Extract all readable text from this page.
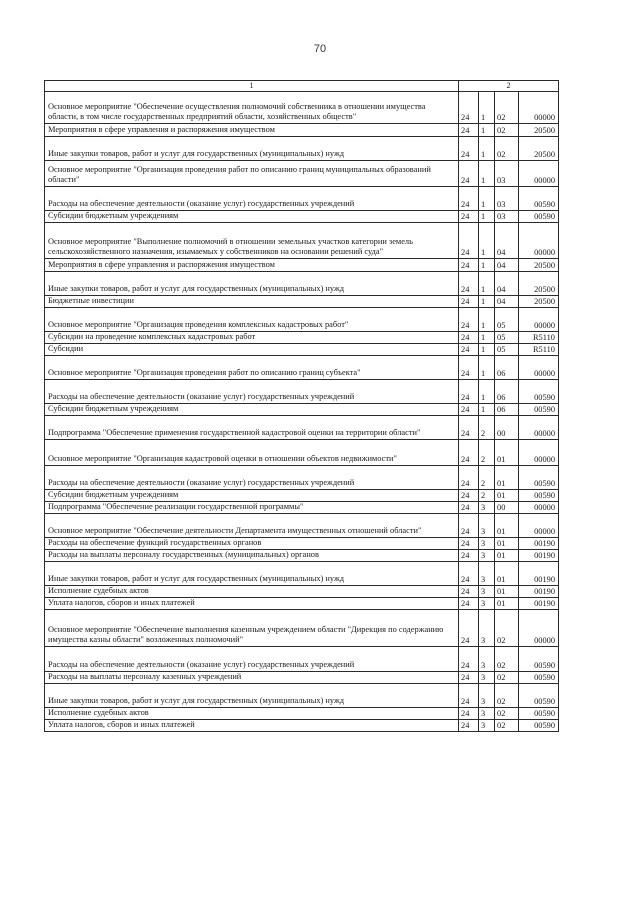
70
1	2			
Основное мероприятие "Обеспечение осуществления полномочий собственника в отношении имущества области, в том числе государственных предприятий области, хозяйственных обществ"	24	1	02	00000
Мероприятия в сфере управления и распоряжения имуществом	24	1	02	20500
Иные закупки товаров, работ и услуг для государственных (муниципальных) нужд	24	1	02	20500
Основное мероприятие "Организация проведения работ по описанию границ муниципальных образований области"	24	1	03	00000
Расходы на обеспечение деятельности (оказание услуг) государственных учреждений	24	1	03	00590
Субсидии бюджетным учреждениям	24	1	03	00590
Основное мероприятие "Выполнение полномочий в отношении земельных участков категории земель сельскохозяйственного назначения, изымаемых у собственников на основании решений суда"	24	1	04	00000
Мероприятия в сфере управления и распоряжения имуществом	24	1	04	20500
Иные закупки товаров, работ и услуг для государственных (муниципальных) нужд	24	1	04	20500
Бюджетные инвестиции	24	1	04	20500
Основное мероприятие "Организация проведения комплексных кадастровых работ"	24	1	05	00000
Субсидии на проведение комплексных кадастровых работ	24	1	05	R5110
Субсидии	24	1	05	R5110
Основное мероприятие "Организация проведения работ по описанию границ субъекта"	24	1	06	00000
Расходы на обеспечение деятельности (оказание услуг) государственных учреждений	24	1	06	00590
Субсидии бюджетным учреждениям	24	1	06	00590
Подпрограмма "Обеспечение применения государственной кадастровой оценки на территории области"	24	2	00	00000
Основное мероприятие "Организация кадастровой оценки в отношении объектов недвижимости"	24	2	01	00000
Расходы на обеспечение деятельности (оказание услуг) государственных учреждений	24	2	01	00590
Субсидии бюджетным учреждениям	24	2	01	00590
Подпрограмма "Обеспечение реализации государственной программы"	24	3	00	00000
Основное мероприятие "Обеспечение деятельности Департамента имущественных отношений области"	24	3	01	00000
Расходы на обеспечение функций государственных органов	24	3	01	00190
Расходы на выплаты персоналу государственных (муниципальных) органов	24	3	01	00190
Иные закупки товаров, работ и услуг для государственных (муниципальных) нужд	24	3	01	00190
Исполнение судебных актов	24	3	01	00190
Уплата налогов, сборов и иных платежей	24	3	01	00190
Основное мероприятие "Обеспечение выполнения казенным учреждением области "Дирекция по содержанию имущества казны области" возложенных полномочий"	24	3	02	00000
Расходы на обеспечение деятельности (оказание услуг) государственных учреждений	24	3	02	00590
Расходы на выплаты персоналу казенных учреждений	24	3	02	00590
Иные закупки товаров, работ и услуг для государственных (муниципальных) нужд	24	3	02	00590
Исполнение судебных актов	24	3	02	00590
Уплата налогов, сборов и иных платежей	24	3	02	00590
